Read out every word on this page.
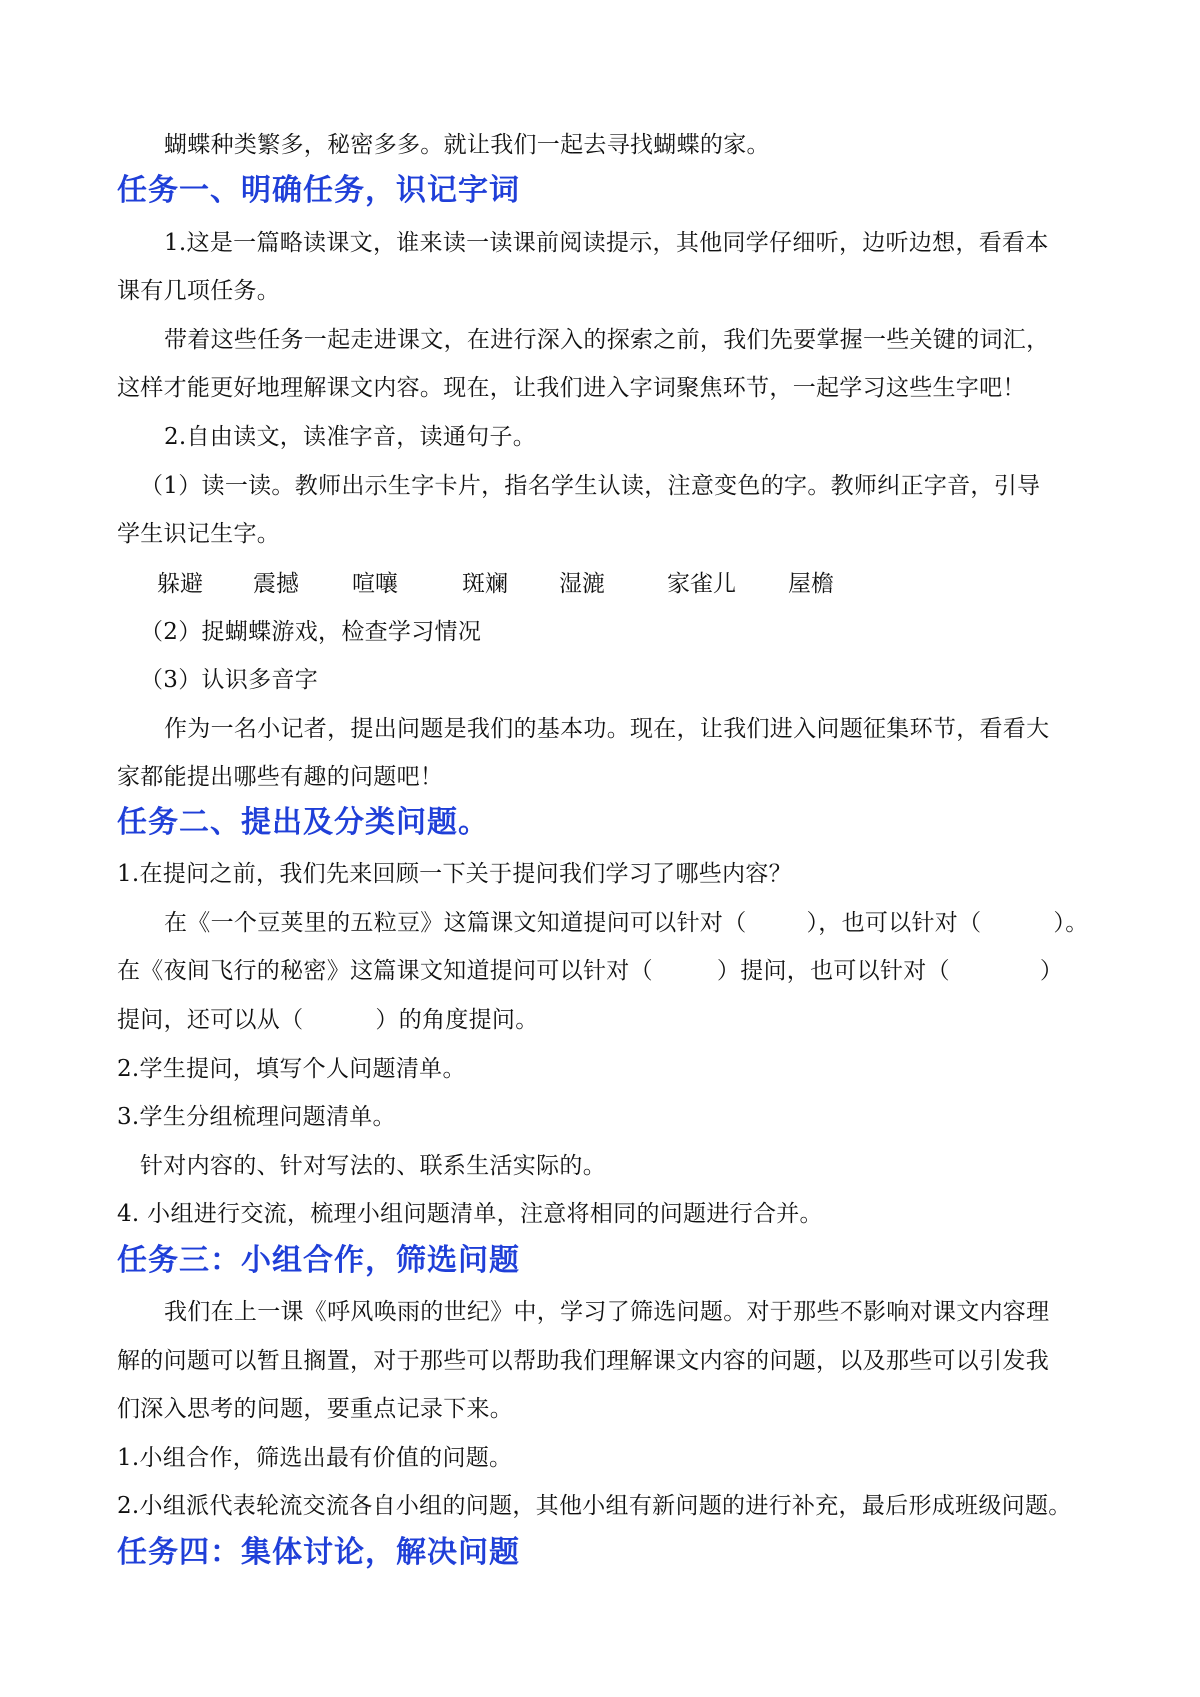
蝴蝶种类繁多，秘密多多。就让我们一起去寻找蝴蝶的家。
任务一、明确任务，识记字词
1.这是一篇略读课文，谁来读一读课前阅读提示，其他同学仔细听，边听边想，看看本
课有几项任务。
带着这些任务一起走进课文，在进行深入的探索之前，我们先要掌握一些关键的词汇，
这样才能更好地理解课文内容。现在，让我们进入字词聚焦环节，一起学习这些生字吧！
2.自由读文，读准字音，读通句子。
（1）读一读。教师出示生字卡片，指名学生认读，注意变色的字。教师纠正字音，引导
学生识记生字。
躲避 震撼 喧嚷	斑斓 湿漉	家雀儿 屋檐
（2）捉蝴蝶游戏，检查学习情况
（3）认识多音字
作为一名小记者，提出问题是我们的基本功。现在，让我们进入问题征集环节，看看大
家都能提出哪些有趣的问题吧！
任务二、提出及分类问题。
1.在提问之前，我们先来回顾一下关于提问我们学习了哪些内容？
在《一个豆荚里的五粒豆》这篇课文知道提问可以针对（	），也可以针对（	）。
在《夜间飞行的秘密》这篇课文知道提问可以针对（	）提问，也可以针对（	）
提问，还可以从（	）的角度提问。
2.学生提问，填写个人问题清单。
3.学生分组梳理问题清单。
针对内容的、针对写法的、联系生活实际的。
4. 小组进行交流，梳理小组问题清单，注意将相同的问题进行合并。
任务三：小组合作，筛选问题
我们在上一课《呼风唤雨的世纪》中，学习了筛选问题。对于那些不影响对课文内容理
解的问题可以暂且搁置，对于那些可以帮助我们理解课文内容的问题，以及那些可以引发我
们深入思考的问题，要重点记录下来。
1.小组合作，筛选出最有价值的问题。
2.小组派代表轮流交流各自小组的问题，其他小组有新问题的进行补充，最后形成班级问题。
任务四：集体讨论，解决问题
